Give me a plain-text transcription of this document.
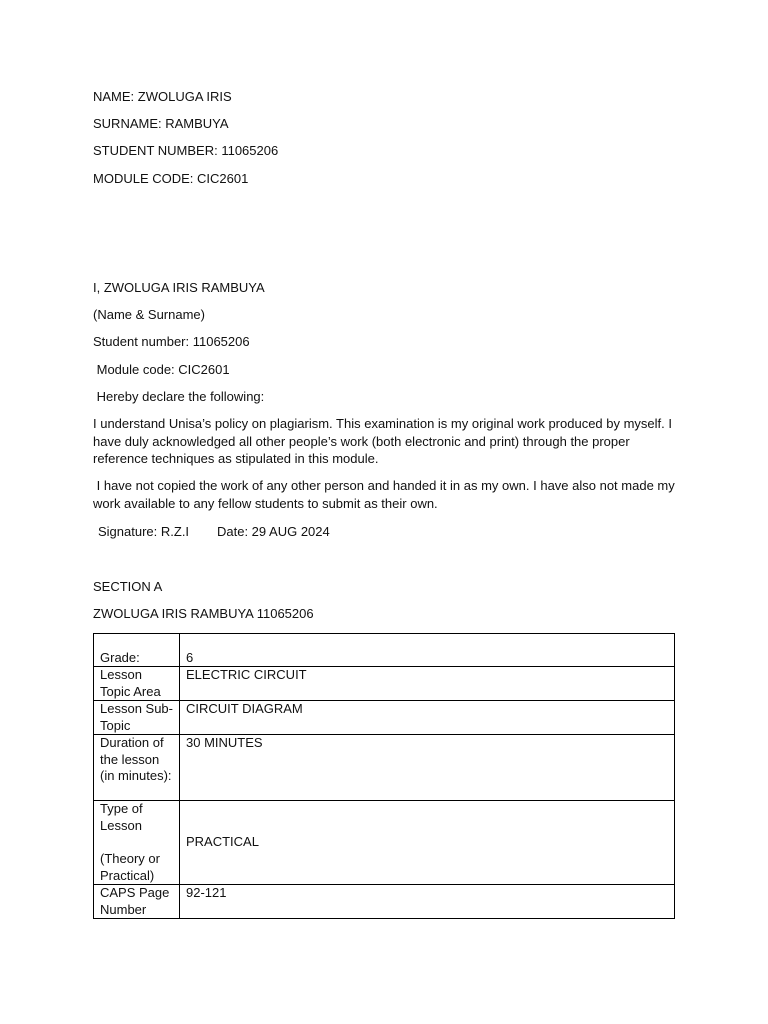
NAME: ZWOLUGA IRIS

SURNAME: RAMBUYA

STUDENT NUMBER: 11065206

MODULE CODE: CIC2601

I, ZWOLUGA IRIS RAMBUYA

(Name & Surname)

Student number: 11065206

Module code: CIC2601

Hereby declare the following:

I understand Unisa’s policy on plagiarism. This examination is my original work produced by myself. I have duly acknowledged all other people’s work (both electronic and print) through the proper reference techniques as stipulated in this module.

I have not copied the work of any other person and handed it in as my own. I have also not made my work available to any fellow students to submit as their own.

Signature: R.Z.I Date: 29 AUG 2024

SECTION A

ZWOLUGA IRIS RAMBUYA 11065206

Grade:	6
Lesson Topic Area	ELECTRIC CIRCUIT
Lesson Sub-Topic	CIRCUIT DIAGRAM
Duration of the lesson (in minutes):	30 MINUTES

Type of Lesson
(Theory or Practical)	PRACTICAL
CAPS Page Number	92-121
